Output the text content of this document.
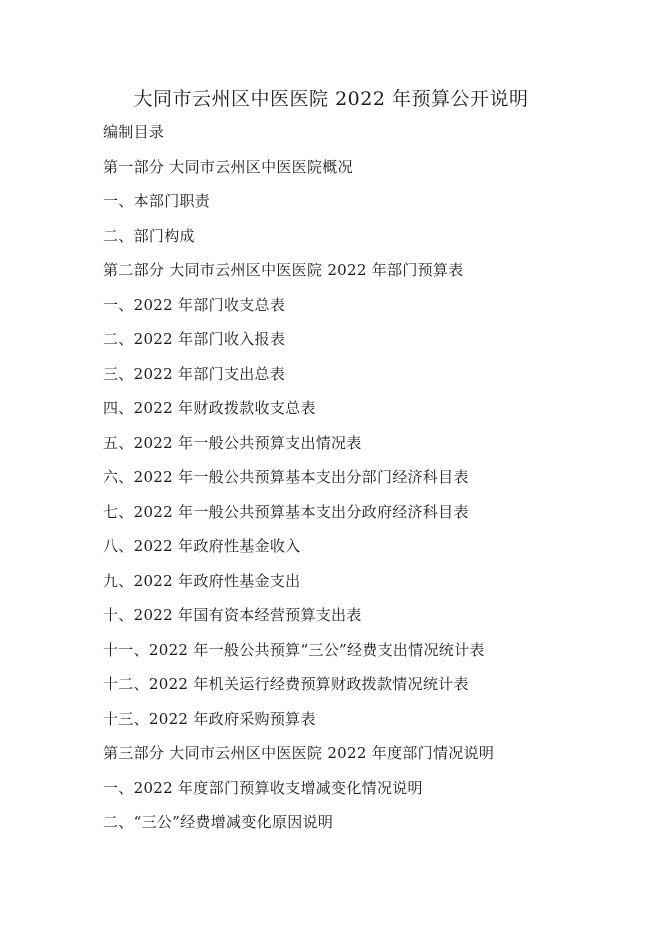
大同市云州区中医医院 2022 年预算公开说明
编制目录
第一部分 大同市云州区中医医院概况
一、本部门职责
二、部门构成
第二部分 大同市云州区中医医院 2022 年部门预算表
一、2022 年部门收支总表
二、2022 年部门收入报表
三、2022 年部门支出总表
四、2022 年财政拨款收支总表
五、2022 年一般公共预算支出情况表
六、2022 年一般公共预算基本支出分部门经济科目表
七、2022 年一般公共预算基本支出分政府经济科目表
八、2022 年政府性基金收入
九、2022 年政府性基金支出
十、2022 年国有资本经营预算支出表
十一、2022 年一般公共预算“三公”经费支出情况统计表
十二、2022 年机关运行经费预算财政拨款情况统计表
十三、2022 年政府采购预算表
第三部分 大同市云州区中医医院 2022 年度部门情况说明
一、2022 年度部门预算收支增减变化情况说明
二、“三公”经费增减变化原因说明
